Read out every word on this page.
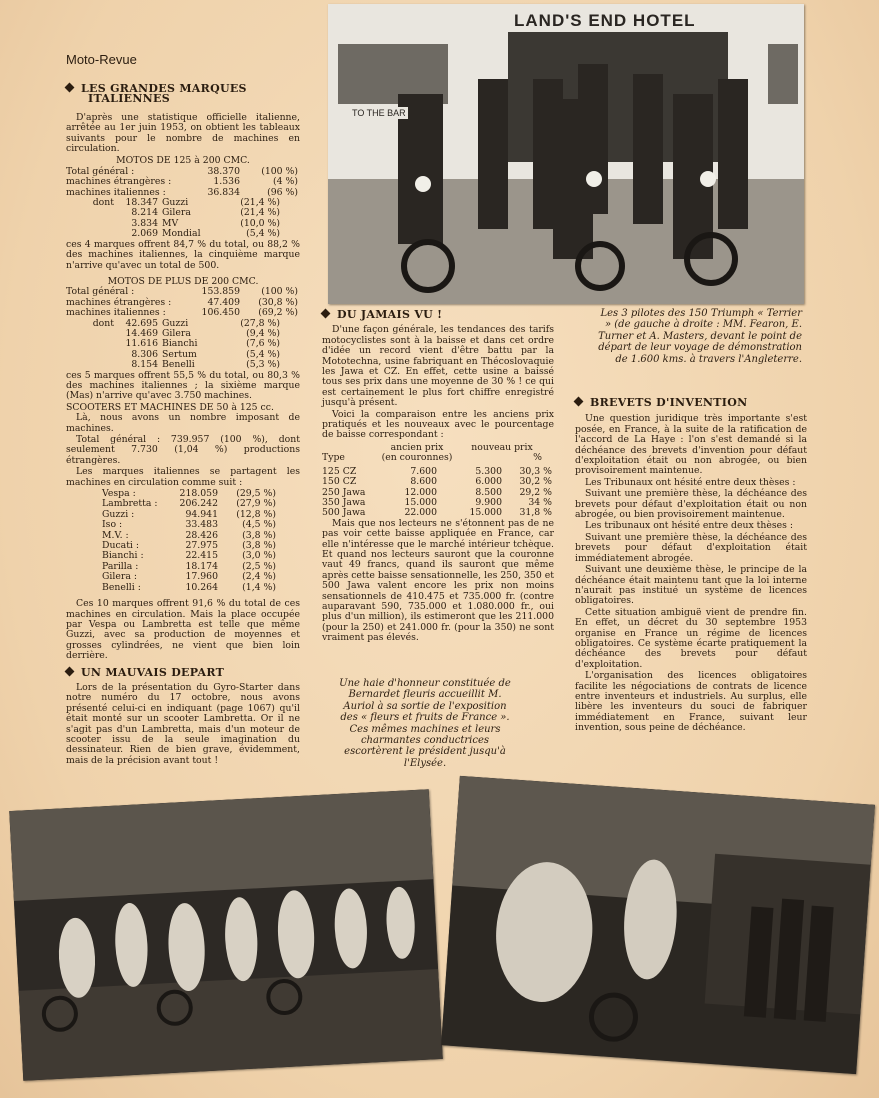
Moto-Revue
LAND'S END HOTEL
TO THE BAR
LES GRANDES MARQUES
ITALIENNES

D'après une statistique officielle italienne, arrêtée au 1er juin 1953, on obtient les tableaux suivants pour le nombre de machines en circulation.

MOTOS DE 125 à 200 CMC.
Total général :	38.370	(100 %)
machines étrangères :	1.536	(4 %)
machines italiennes :	36.834	(96 %)
dont	18.347 Guzzi	(21,4 %)
8.214 Gilera	(21,4 %)
3.834 MV	(10,0 %)
2.069 Mondial	(5,4 %)

ces 4 marques offrent 84,7 % du total, ou 88,2 % des machines italiennes, la cinquième marque n'arrive qu'avec un total de 500.

MOTOS DE PLUS DE 200 CMC.
Total général :	153.859	(100 %)
machines étrangères :	47.409	(30,8 %)
machines italiennes :	106.450	(69,2 %)
dont	42.695 Guzzi	(27,8 %)
14.469 Gilera	(9,4 %)
11.616 Bianchi	(7,6 %)
8.306 Sertum	(5,4 %)
8.154 Benelli	(5,3 %)

ces 5 marques offrent 55,5 % du total, ou 80,3 % des machines italiennes ; la sixième marque (Mas) n'arrive qu'avec 3.750 machines.

SCOOTERS ET MACHINES DE 50 à 125 cc.

Là, nous avons un nombre imposant de machines.

Total général : 739.957 (100 %), dont seulement 7.730 (1,04 %) productions étrangères.

Les marques italiennes se partagent les machines en circulation comme suit :

Vespa :	218.059	(29,5 %)
Lambretta :	206.242	(27,9 %)
Guzzi :	94.941	(12,8 %)
Iso :	33.483	(4,5 %)
M.V. :	28.426	(3,8 %)
Ducati :	27.975	(3,8 %)
Bianchi :	22.415	(3,0 %)
Parilla :	18.174	(2,5 %)
Gilera :	17.960	(2,4 %)
Benelli :	10.264	(1,4 %)

Ces 10 marques offrent 91,6 % du total de ces machines en circulation. Mais la place occupée par Vespa ou Lambretta est telle que même Guzzi, avec sa production de moyennes et grosses cylindrées, ne vient que bien loin derrière.

UN MAUVAIS DEPART

Lors de la présentation du Gyro-Starter dans notre numéro du 17 octobre, nous avons présenté celui-ci en indiquant (page 1067) qu'il était monté sur un scooter Lambretta. Or il ne s'agit pas d'un Lambretta, mais d'un moteur de scooter issu de la seule imagination du dessinateur. Rien de bien grave, évidemment, mais de la précision avant tout !

DU JAMAIS VU !

D'une façon générale, les tendances des tarifs motocyclistes sont à la baisse et dans cet ordre d'idée un record vient d'être battu par la Mototechna, usine fabriquant en Thécoslovaquie les Jawa et CZ. En effet, cette usine a baissé tous ses prix dans une moyenne de 30 % ! ce qui est certainement le plus fort chiffre enregistré jusqu'à présent.

Voici la comparaison entre les anciens prix pratiqués et les nouveaux avec le pourcentage de baisse correspondant :

ancien prix	nouveau prix
Type	(en couronnes)	%
125 CZ	7.600	5.300	30,3 %
150 CZ	8.600	6.000	30,2 %
250 Jawa	12.000	8.500	29,2 %
350 Jawa	15.000	9.900	34 %
500 Jawa	22.000	15.000	31,8 %

Mais que nos lecteurs ne s'étonnent pas de ne pas voir cette baisse appliquée en France, car elle n'intéresse que le marché intérieur tchèque. Et quand nos lecteurs sauront que la couronne vaut 49 francs, quand ils sauront que même après cette baisse sensationnelle, les 250, 350 et 500 Jawa valent encore les prix non moins sensationnels de 410.475 et 735.000 fr. (contre auparavant 590, 735.000 et 1.080.000 fr., oui plus d'un million), ils estimeront que les 211.000 (pour la 250) et 241.000 fr. (pour la 350) ne sont vraiment pas élevés.

Les 3 pilotes des 150 Triumph « Terrier » (de gauche à droite : MM. Fearon, E. Turner et A. Masters, devant le point de départ de leur voyage de démonstration de 1.600 kms. à travers l'Angleterre.
BREVETS D'INVENTION

Une question juridique très importante s'est posée, en France, à la suite de la ratification de l'accord de La Haye : l'on s'est demandé si la déchéance des brevets d'invention pour défaut d'exploitation était ou non abrogée, ou bien provisoirement maintenue.

Les Tribunaux ont hésité entre deux thèses :

Suivant une première thèse, la déchéance des brevets pour défaut d'exploitation était ou non abrogée, ou bien provisoirement maintenue.

Les tribunaux ont hésité entre deux thèses :

Suivant une première thèse, la déchéance des brevets pour défaut d'exploitation était immédiatement abrogée.

Suivant une deuxième thèse, le principe de la déchéance était maintenu tant que la loi interne n'aurait pas institué un système de licences obligatoires.

Cette situation ambiguë vient de prendre fin. En effet, un décret du 30 septembre 1953 organise en France un régime de licences obligatoires. Ce système écarte pratiquement la déchéance des brevets pour défaut d'exploitation.

L'organisation des licences obligatoires facilite les négociations de contrats de licence entre inventeurs et industriels. Au surplus, elle libère les inventeurs du souci de fabriquer immédiatement en France, suivant leur invention, sous peine de déchéance.

Une haie d'honneur constituée de Bernardet fleuris accueillit M. Auriol à sa sortie de l'exposition des « fleurs et fruits de France ». Ces mêmes machines et leurs charmantes conductrices escortèrent le président jusqu'à l'Elysée.
